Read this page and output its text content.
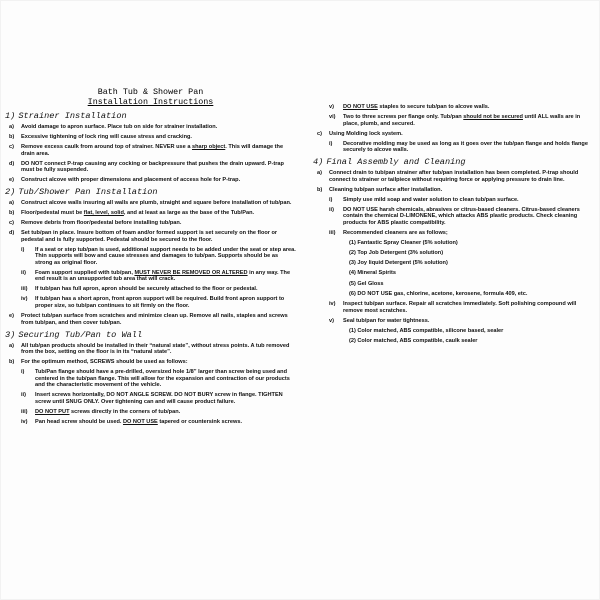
Bath Tub & Shower Pan
Installation Instructions
1) Strainer Installation
a)	Avoid damage to apron surface. Place tub on side for strainer installation.
b)	Excessive tightening of lock ring will cause stress and cracking.
c)	Remove excess caulk from around top of strainer. NEVER use a sharp object. This will damage the drain area.
d)	DO NOT connect P-trap causing any cocking or backpressure that pushes the drain upward. P-trap must be fully suspended.
e)	Construct alcove with proper dimensions and placement of access hole for P-trap.
2) Tub/Shower Pan Installation
a)	Construct alcove walls insuring all walls are plumb, straight and square before installation of tub/pan.
b)	Floor/pedestal must be flat, level, solid, and at least as large as the base of the Tub/Pan.
c)	Remove debris from floor/pedestal before installing tub/pan.
d)	Set tub/pan in place. Insure bottom of foam and/or formed support is set securely on the floor or pedestal and is fully supported. Pedestal should be secured to the floor.
i)	If a seat or step tub/pan is used, additional support needs to be added under the seat or step area. Thin supports will bow and cause stresses and damages to tub/pan. Supports should be as strong as original floor.
ii)	Foam support supplied with tub/pan, MUST NEVER BE REMOVED OR ALTERED in any way. The end result is an unsupported tub area that will crack.
iii)	If tub/pan has full apron, apron should be securely attached to the floor or pedestal.
iv)	If tub/pan has a short apron, front apron support will be required. Build front apron support to proper size, so tub/pan continues to sit firmly on the floor.
e)	Protect tub/pan surface from scratches and minimize clean up. Remove all nails, staples and screws from tub/pan, and then cover tub/pan.
3) Securing Tub/Pan to Wall
a)	All tub/pan products should be installed in their “natural state”, without stress points. A tub removed from the box, setting on the floor is in its “natural state”.
b)	For the optimum method, SCREWS should be used as follows:
i)	Tub/Pan flange should have a pre-drilled, oversized hole 1/8” larger than screw being used and centered in the tub/pan flange. This will allow for the expansion and contraction of our products and the characteristic movement of the vehicle.
ii)	Insert screws horizontally, DO NOT ANGLE SCREW. DO NOT BURY screw in flange. TIGHTEN screw until SNUG ONLY. Over tightening can and will cause product failure.
iii)	DO NOT PUT screws directly in the corners of tub/pan.
iv)	Pan head screw should be used. DO NOT USE tapered or countersink screws.
v)	DO NOT USE staples to secure tub/pan to alcove walls.
vi)	Two to three screws per flange only. Tub/pan should not be secured until ALL walls are in place, plumb, and secured.
c)	Using Molding lock system.
i)	Decorative molding may be used as long as it goes over the tub/pan flange and holds flange securely to alcove walls.
4) Final Assembly and Cleaning
a)	Connect drain to tub/pan strainer after tub/pan installation has been completed. P-trap should connect to strainer or tailpiece without requiring force or applying pressure to drain line.
b)	Cleaning tub/pan surface after installation.
i)	Simply use mild soap and water solution to clean tub/pan surface.
ii)	DO NOT USE harsh chemicals, abrasives or citrus-based cleaners. Citrus-based cleaners contain the chemical D-LIMONENE, which attacks ABS plastic products. Check cleaning products for ABS plastic compatibility.
iii)	Recommended cleaners are as follows;
(1) Fantastic Spray Cleaner (5% solution)
(2) Top Job Detergent (3% solution)
(3) Joy liquid Detergent (5% solution)
(4) Mineral Spirits
(5) Gel Gloss
(6) DO NOT USE gas, chlorine, acetone, kerosene, formula 409, etc.
iv)	Inspect tub/pan surface. Repair all scratches immediately. Soft polishing compound will remove most scratches.
v)	Seal tub/pan for water tightness.
(1) Color matched, ABS compatible, silicone based, sealer
(2) Color matched, ABS compatible, caulk sealer
